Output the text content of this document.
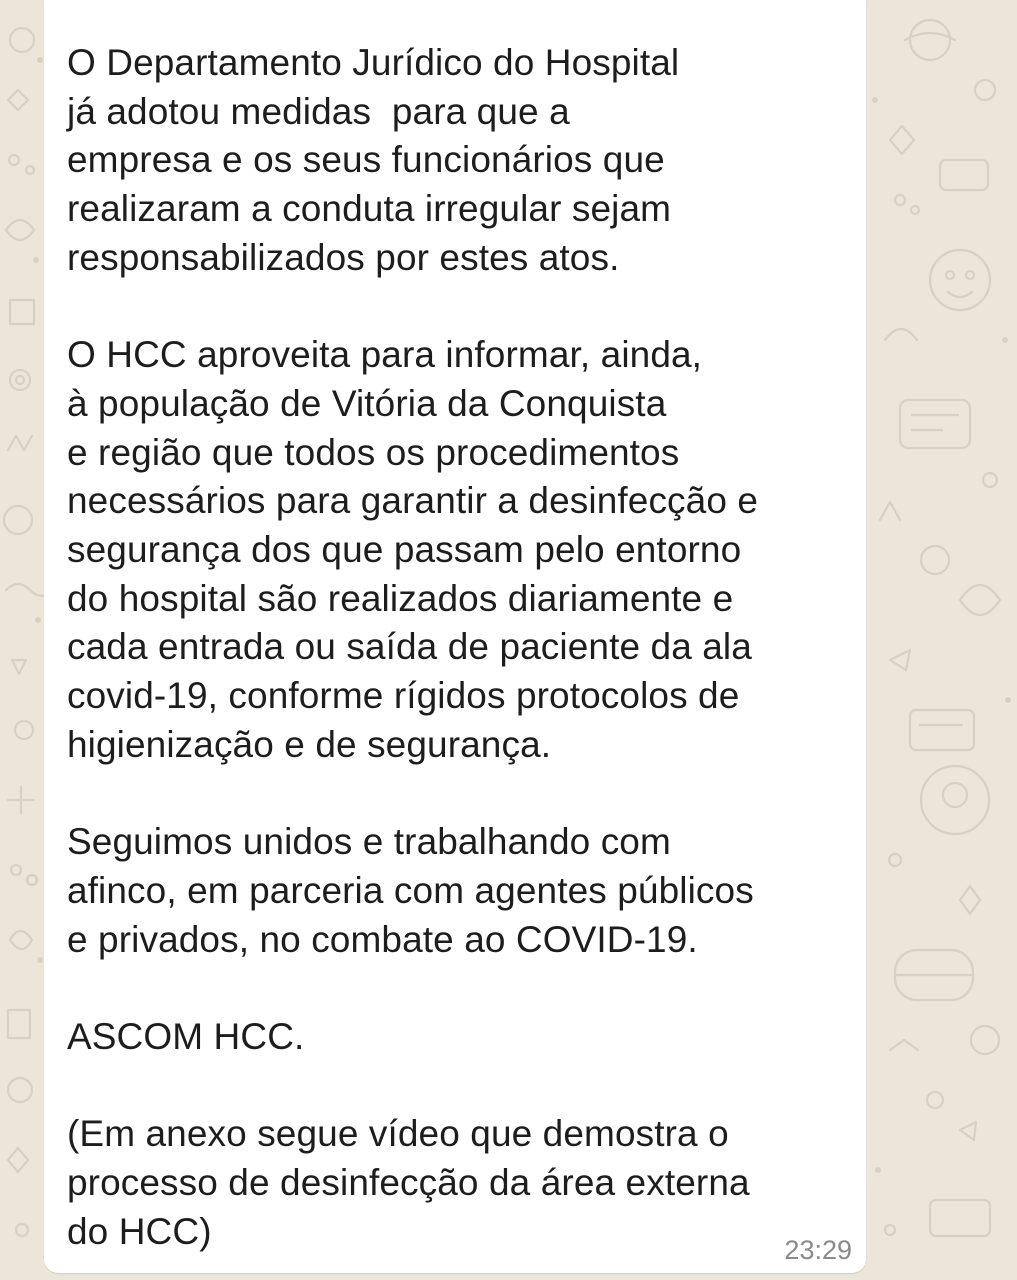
O Departamento Jurídico do Hospital
já adotou medidas  para que a
empresa e os seus funcionários que
realizaram a conduta irregular sejam
responsabilizados por estes atos.

O HCC aproveita para informar, ainda,
à população de Vitória da Conquista
e região que todos os procedimentos
necessários para garantir a desinfecção e
segurança dos que passam pelo entorno
do hospital são realizados diariamente e
cada entrada ou saída de paciente da ala
covid-19, conforme rígidos protocolos de
higienização e de segurança.

Seguimos unidos e trabalhando com
afinco, em parceria com agentes públicos
e privados, no combate ao COVID-19.

ASCOM HCC.

(Em anexo segue vídeo que demostra o
processo de desinfecção da área externa
do HCC)	23:29
